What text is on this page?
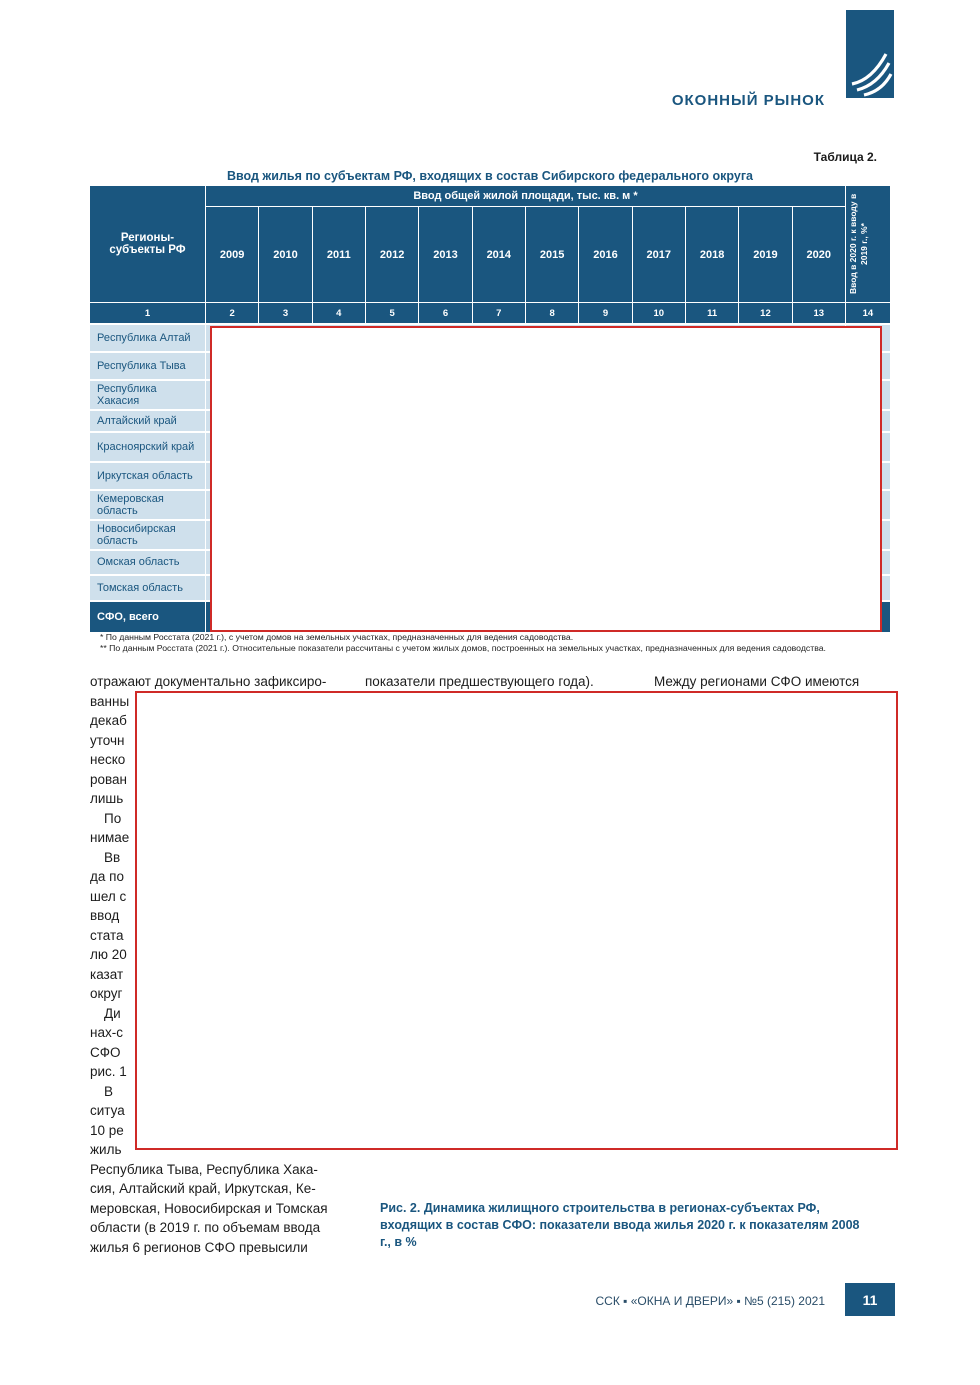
ОКОННЫЙ РЫНОК
Таблица 2.
Ввод жилья по субъектам РФ, входящих в состав Сибирского федерального округа
Регионы-субъекты РФ
Ввод общей жилой площади, тыс. кв. м *
2009	2010	2011	2012	2013	2014	2015	2016	2017	2018	2019	2020	Ввод в 2020 г. к вводу в 2019 г., %*
1	2	3	4	5	6	7	8	9	10	11	12	13	14
Республика Алтай
Республика Тыва
Республика Хакасия
Алтайский край
Красноярский край
Иркутская область
Кемеровская область
Новосибирская область
Омская область
Томская область
СФО, всего
* По данным Росстата (2021 г.), с учетом домов на земельных участках, предназначенных для ведения садоводства.
** По данным Росстата (2021 г.). Относительные показатели рассчитаны с учетом жилых домов, построенных на земельных участках, предназначенных для ведения садоводства.
отражают документально зафиксиро-
ванны
декаб
уточн
неско
рован
лишь
По
нимае
Вв
да по
шел с
ввод
стата
лю 20
казат
округ
Ди
нах-с
СФО
рис. 1
В
ситуа
10 ре
жиль
Республика Тыва, Республика Хака-
сия, Алтайский край, Иркутская, Ке-
меровская, Новосибирская и Томская
области (в 2019 г. по объемам ввода
жилья 6 регионов СФО превысили
показатели предшествующего года).	Между регионами СФО имеются
Рис. 2. Динамика жилищного строительства в регионах-субъектах РФ, входящих в состав СФО: показатели ввода жилья 2020 г. к показателям 2008 г., в %
ССК ▪ «ОКНА И ДВЕРИ» ▪ №5 (215) 2021	11
